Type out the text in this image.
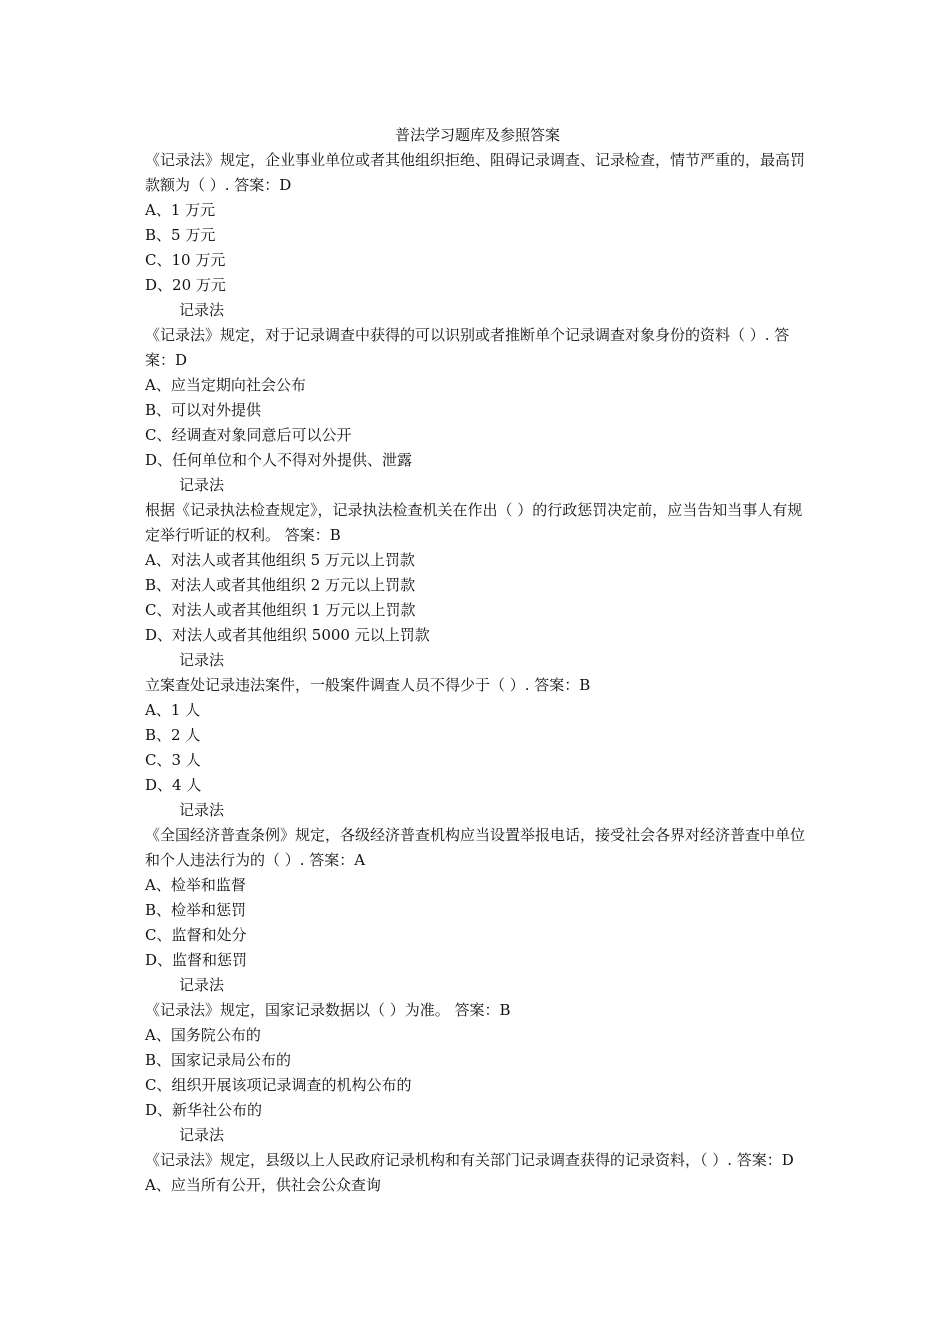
普法学习题库及参照答案

《记录法》规定，企业事业单位或者其他组织拒绝、阻碍记录调查、记录检查，情节严重的，最高罚款额为（ ）. 答案：D

A、1 万元

B、5 万元

C、10 万元

D、20 万元

记录法

《记录法》规定，对于记录调查中获得的可以识别或者推断单个记录调查对象身份的资料（ ）. 答案：D

A、应当定期向社会公布

B、可以对外提供

C、经调查对象同意后可以公开

D、任何单位和个人不得对外提供、泄露

记录法

根据《记录执法检查规定》，记录执法检查机关在作出（ ）的行政惩罚决定前，应当告知当事人有规定举行听证的权利。 答案：B

A、对法人或者其他组织 5 万元以上罚款

B、对法人或者其他组织 2 万元以上罚款

C、对法人或者其他组织 1 万元以上罚款

D、对法人或者其他组织 5000 元以上罚款

记录法

立案查处记录违法案件，一般案件调查人员不得少于（ ）. 答案：B

A、1 人

B、2 人

C、3 人

D、4 人

记录法

《全国经济普查条例》规定，各级经济普查机构应当设置举报电话，接受社会各界对经济普查中单位和个人违法行为的（ ）. 答案：A

A、检举和监督

B、检举和惩罚

C、监督和处分

D、监督和惩罚

记录法

《记录法》规定，国家记录数据以（ ）为准。 答案：B

A、国务院公布的

B、国家记录局公布的

C、组织开展该项记录调查的机构公布的

D、新华社公布的

记录法

《记录法》规定，县级以上人民政府记录机构和有关部门记录调查获得的记录资料，（ ）. 答案：D

A、应当所有公开，供社会公众查询
